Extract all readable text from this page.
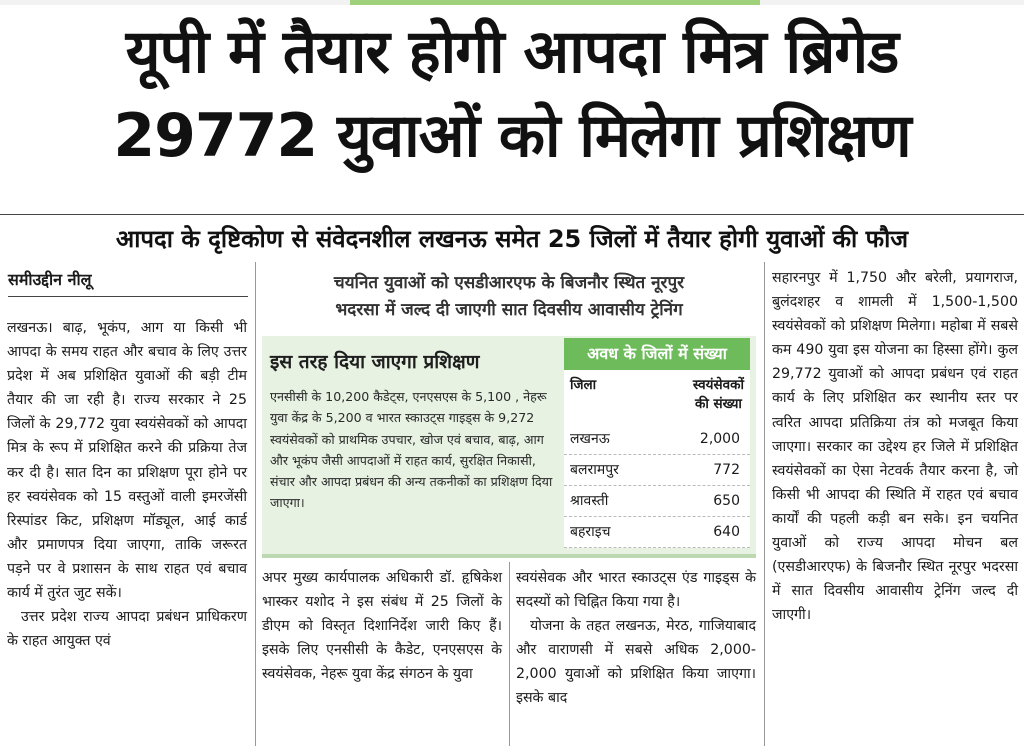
यूपी में तैयार होगी आपदा मित्र ब्रिगेड
29772 युवाओं को मिलेगा प्रशिक्षण
आपदा के दृष्टिकोण से संवेदनशील लखनऊ समेत 25 जिलों में तैयार होगी युवाओं की फौज
समीउद्दीन नीलू

लखनऊ। बाढ़, भूकंप, आग या किसी भी आपदा के समय राहत और बचाव के लिए उत्तर प्रदेश में अब प्रशिक्षित युवाओं की बड़ी टीम तैयार की जा रही है। राज्य सरकार ने 25 जिलों के 29,772 युवा स्वयंसेवकों को आपदा मित्र के रूप में प्रशिक्षित करने की प्रक्रिया तेज कर दी है। सात दिन का प्रशिक्षण पूरा होने पर हर स्वयंसेवक को 15 वस्तुओं वाली इमरजेंसी रिस्पांडर किट, प्रशिक्षण मॉड्यूल, आई कार्ड और प्रमाणपत्र दिया जाएगा, ताकि जरूरत पड़ने पर वे प्रशासन के साथ राहत एवं बचाव कार्य में तुरंत जुट सकें।

उत्तर प्रदेश राज्य आपदा प्रबंधन प्राधिकरण के राहत आयुक्त एवं

चयनित युवाओं को एसडीआरएफ के बिजनौर स्थित नूरपुर
भदरसा में जल्द दी जाएगी सात दिवसीय आवासीय ट्रेनिंग
इस तरह दिया जाएगा प्रशिक्षण
एनसीसी के 10,200 कैडेट्स, एनएसएस के 5,100 , नेहरू युवा केंद्र के 5,200 व भारत स्काउट्स गाइड्स के 9,272 स्वयंसेवकों को प्राथमिक उपचार, खोज एवं बचाव, बाढ़, आग और भूकंप जैसी आपदाओं में राहत कार्य, सुरक्षित निकासी, संचार और आपदा प्रबंधन की अन्य तकनीकों का प्रशिक्षण दिया जाएगा।
अवध के जिलों में संख्या
जिला	स्वयंसेवकों
की संख्या
लखनऊ	2,000
बलरामपुर	772
श्रावस्ती	650
बहराइच	640

अपर मुख्य कार्यपालक अधिकारी डॉ. हृषिकेश भास्कर यशोद ने इस संबंध में 25 जिलों के डीएम को विस्तृत दिशानिर्देश जारी किए हैं। इसके लिए एनसीसी के कैडेट, एनएसएस के स्वयंसेवक, नेहरू युवा केंद्र संगठन के युवा

स्वयंसेवक और भारत स्काउट्स एंड गाइड्स के सदस्यों को चिह्नित किया गया है।

योजना के तहत लखनऊ, मेरठ, गाजियाबाद और वाराणसी में सबसे अधिक 2,000-2,000 युवाओं को प्रशिक्षित किया जाएगा। इसके बाद

सहारनपुर में 1,750 और बरेली, प्रयागराज, बुलंदशहर व शामली में 1,500-1,500 स्वयंसेवकों को प्रशिक्षण मिलेगा। महोबा में सबसे कम 490 युवा इस योजना का हिस्सा होंगे। कुल 29,772 युवाओं को आपदा प्रबंधन एवं राहत कार्य के लिए प्रशिक्षित कर स्थानीय स्तर पर त्वरित आपदा प्रतिक्रिया तंत्र को मजबूत किया जाएगा। सरकार का उद्देश्य हर जिले में प्रशिक्षित स्वयंसेवकों का ऐसा नेटवर्क तैयार करना है, जो किसी भी आपदा की स्थिति में राहत एवं बचाव कार्यों की पहली कड़ी बन सके। इन चयनित युवाओं को राज्य आपदा मोचन बल (एसडीआरएफ) के बिजनौर स्थित नूरपुर भदरसा में सात दिवसीय आवासीय ट्रेनिंग जल्द दी जाएगी।
